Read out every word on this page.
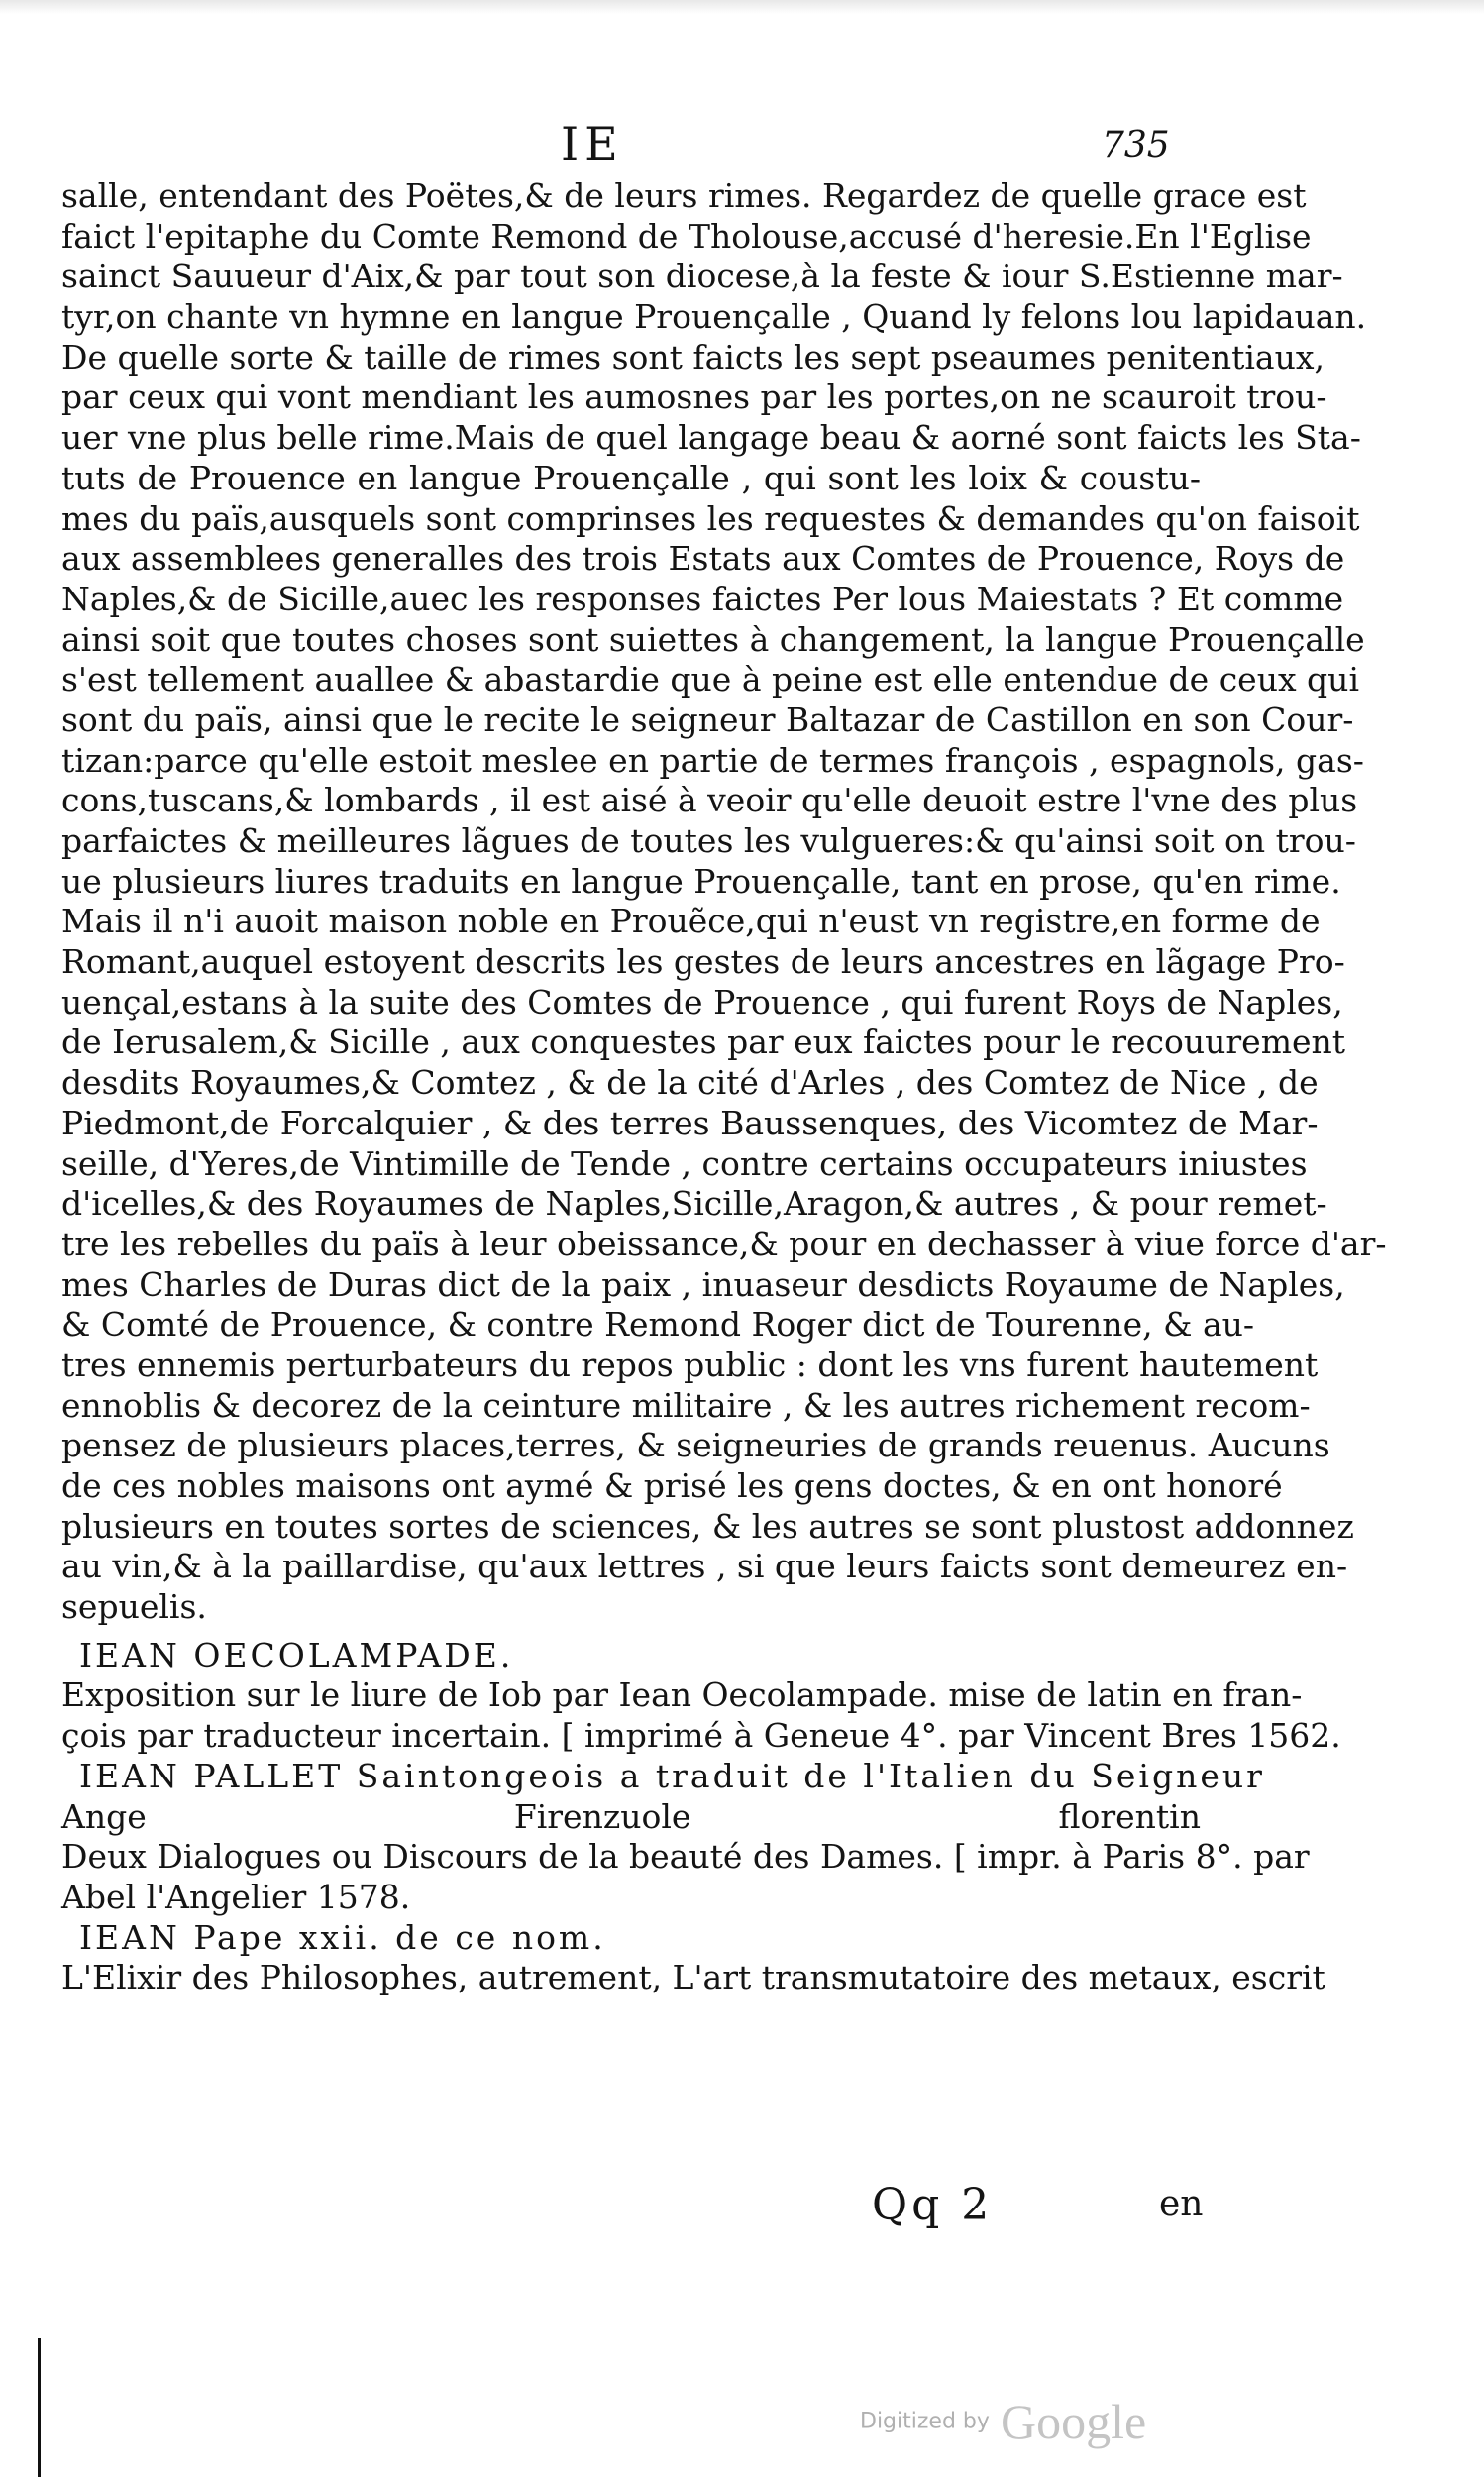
IE	735
salle, entendant des Poëtes,& de leurs rimes. Regardez de quelle grace est
faict l'epitaphe du Comte Remond de Tholouse,accusé d'heresie.En l'Eglise
sainct Sauueur d'Aix,& par tout son diocese,à la feste & iour S.Estienne mar-
tyr,on chante vn hymne en langue Prouençalle , Quand ly felons lou lapidauan.
De quelle sorte & taille de rimes sont faicts les sept pseaumes penitentiaux,
par ceux qui vont mendiant les aumosnes par les portes,on ne scauroit trou-
uer vne plus belle rime.Mais de quel langage beau & aorné sont faicts les Sta-
tuts de Prouence en langue Prouençalle , qui sont les loix & coustu-
mes du païs,ausquels sont comprinses les requestes & demandes qu'on faisoit
aux assemblees generalles des trois Estats aux Comtes de Prouence, Roys de
Naples,& de Sicille,auec les responses faictes Per lous Maiestats ? Et comme
ainsi soit que toutes choses sont suiettes à changement, la langue Prouençalle
s'est tellement auallee & abastardie que à peine est elle entendue de ceux qui
sont du païs, ainsi que le recite le seigneur Baltazar de Castillon en son Cour-
tizan:parce qu'elle estoit meslee en partie de termes françois , espagnols, gas-
cons,tuscans,& lombards , il est aisé à veoir qu'elle deuoit estre l'vne des plus
parfaictes & meilleures lãgues de toutes les vulgueres:& qu'ainsi soit on trou-
ue plusieurs liures traduits en langue Prouençalle, tant en prose, qu'en rime.
Mais il n'i auoit maison noble en Prouẽce,qui n'eust vn registre,en forme de
Romant,auquel estoyent descrits les gestes de leurs ancestres en lãgage Pro-
uençal,estans à la suite des Comtes de Prouence , qui furent Roys de Naples,
de Ierusalem,& Sicille , aux conquestes par eux faictes pour le recouurement
desdits Royaumes,& Comtez , & de la cité d'Arles , des Comtez de Nice , de
Piedmont,de Forcalquier , & des terres Baussenques, des Vicomtez de Mar-
seille, d'Yeres,de Vintimille de Tende , contre certains occupateurs iniustes
d'icelles,& des Royaumes de Naples,Sicille,Aragon,& autres , & pour remet-
tre les rebelles du païs à leur obeissance,& pour en dechasser à viue force d'ar-
mes Charles de Duras dict de la paix , inuaseur desdicts Royaume de Naples,
& Comté de Prouence, & contre Remond Roger dict de Tourenne, & au-
tres ennemis perturbateurs du repos public : dont les vns furent hautement
ennoblis & decorez de la ceinture militaire , & les autres richement recom-
pensez de plusieurs places,terres, & seigneuries de grands reuenus. Aucuns
de ces nobles maisons ont aymé & prisé les gens doctes, & en ont honoré
plusieurs en toutes sortes de sciences, & les autres se sont plustost addonnez
au vin,& à la paillardise, qu'aux lettres , si que leurs faicts sont demeurez en-
sepuelis.
IEAN OECOLAMPADE.
Exposition sur le liure de Iob par Iean Oecolampade. mise de latin en fran-
çois par traducteur incertain. [ imprimé à Geneue 4°. par Vincent Bres 1562.
IEAN PALLET Saintongeois a traduit de l'Italien du Seigneur
Ange Firenzuole florentin
Deux Dialogues ou Discours de la beauté des Dames. [ impr. à Paris 8°. par
Abel l'Angelier 1578.
IEAN Pape xxii. de ce nom.
L'Elixir des Philosophes, autrement, L'art transmutatoire des metaux, escrit
Qq 2	en
Digitized by Google
